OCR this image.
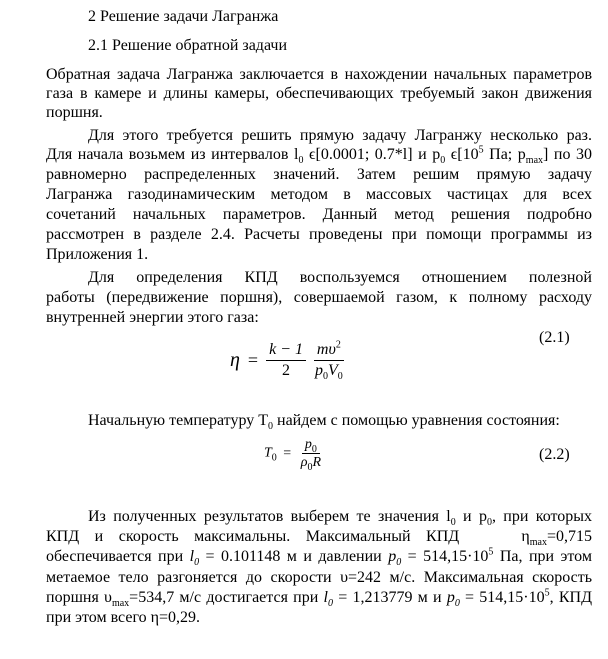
2 Решение задачи Лагранжа
2.1 Решение обратной задачи
Обратная задача Лагранжа заключается в нахождении начальных параметров
газа в камере и длины камеры, обеспечивающих требуемый закон движения
поршня.
Для этого требуется решить прямую задачу Лагранжу несколько раз.
Для начала возьмем из интервалов $l_0$ ϵ[0.0001; 0.7*l] и $p_0$ $\epsilon[10^5$ Па; $p_{max}$] по 30
равномерно распределенных значений. Затем решим прямую задачу
Лагранжа газодинамическим методом в массовых частицах для всех
сочетаний начальных параметров. Данный метод решения подробно
рассмотрен в разделе 2.4. Расчеты проведены при помощи программы из
Приложения 1.
Для определения КПД воспользуемся отношением полезной
работы (передвижение поршня), совершаемой газом, к полному расходу
внутренней энергии этого газа:
(2.1)
$\eta = \frac{k - 1}{2}$
$\frac{m\upsilon^2}{p_0V_0}$
Начальную температуру $T_0$ найдем с помощью уравнения состояния:
$T_0 = \frac{p_0}{\rho_0R}$	(2.2)
Из полученных результатов выберем те значения $l_0$ и $p_0$, при которых
КПД и скорость максимальны. Максимальный КПД	$\eta_{max}=0,715$
обеспечивается при $l_0 = 0.101148$ м и давлении $p_0 = 514,15\cdot 10^5$ Па, при этом
метаемое тело разгоняется до скорости υ=242 м/с. Максимальная скорость
поршня $\upsilon_{max}=534,7$ м/с достигается при $l_0 = 1,213779$ м и $p_0 = 514,15\cdot 10^5$, КПД
при этом всего η=0,29.
